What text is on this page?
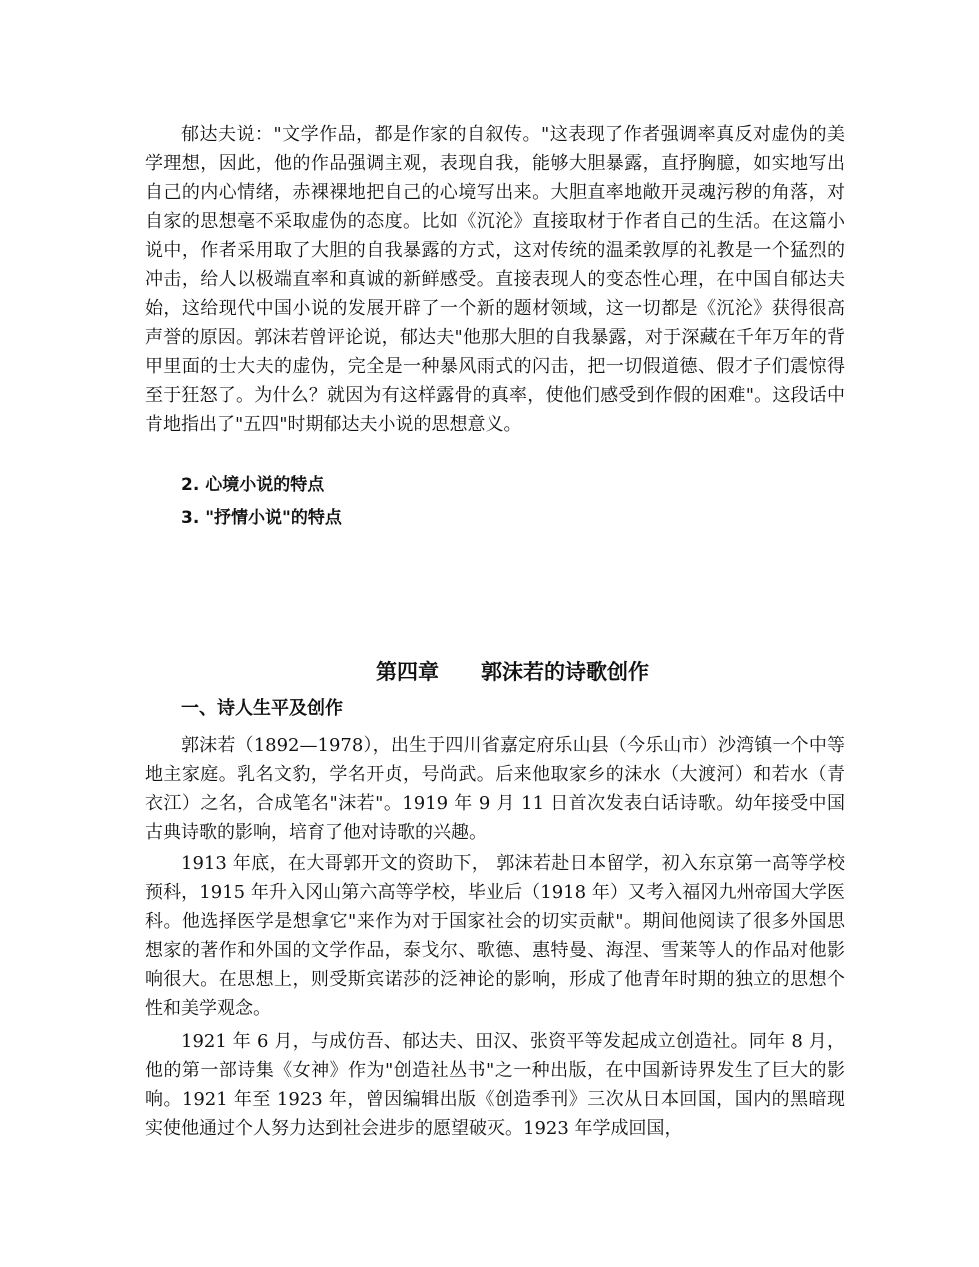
郁达夫说："文学作品，都是作家的自叙传。"这表现了作者强调率真反对虚伪的美学理想，因此，他的作品强调主观，表现自我，能够大胆暴露，直抒胸臆，如实地写出自己的内心情绪，赤裸裸地把自己的心境写出来。大胆直率地敞开灵魂污秽的角落，对自家的思想毫不采取虚伪的态度。比如《沉沦》直接取材于作者自己的生活。在这篇小说中，作者采用取了大胆的自我暴露的方式，这对传统的温柔敦厚的礼教是一个猛烈的冲击，给人以极端直率和真诚的新鲜感受。直接表现人的变态性心理，在中国自郁达夫始，这给现代中国小说的发展开辟了一个新的题材领域，这一切都是《沉沦》获得很高声誉的原因。郭沫若曾评论说，郁达夫"他那大胆的自我暴露，对于深藏在千年万年的背甲里面的士大夫的虚伪，完全是一种暴风雨式的闪击，把一切假道德、假才子们震惊得至于狂怒了。为什么？就因为有这样露骨的真率，使他们感受到作假的困难"。这段话中肯地指出了"五四"时期郁达夫小说的思想意义。

2. 心境小说的特点

3. "抒情小说"的特点

第四章　　郭沫若的诗歌创作

一、诗人生平及创作

郭沫若（1892—1978），出生于四川省嘉定府乐山县（今乐山市）沙湾镇一个中等地主家庭。乳名文豹，学名开贞，号尚武。后来他取家乡的沫水（大渡河）和若水（青衣江）之名，合成笔名"沫若"。1919 年 9 月 11 日首次发表白话诗歌。幼年接受中国古典诗歌的影响，培育了他对诗歌的兴趣。

1913 年底，在大哥郭开文的资助下， 郭沫若赴日本留学，初入东京第一高等学校预科，1915 年升入冈山第六高等学校，毕业后（1918 年）又考入福冈九州帝国大学医科。他选择医学是想拿它"来作为对于国家社会的切实贡献"。期间他阅读了很多外国思想家的著作和外国的文学作品，泰戈尔、歌德、惠特曼、海涅、雪莱等人的作品对他影响很大。在思想上，则受斯宾诺莎的泛神论的影响，形成了他青年时期的独立的思想个性和美学观念。

1921 年 6 月，与成仿吾、郁达夫、田汉、张资平等发起成立创造社。同年 8 月，他的第一部诗集《女神》作为"创造社丛书"之一种出版，在中国新诗界发生了巨大的影响。1921 年至 1923 年，曾因编辑出版《创造季刊》三次从日本回国，国内的黑暗现实使他通过个人努力达到社会进步的愿望破灭。1923 年学成回国，
